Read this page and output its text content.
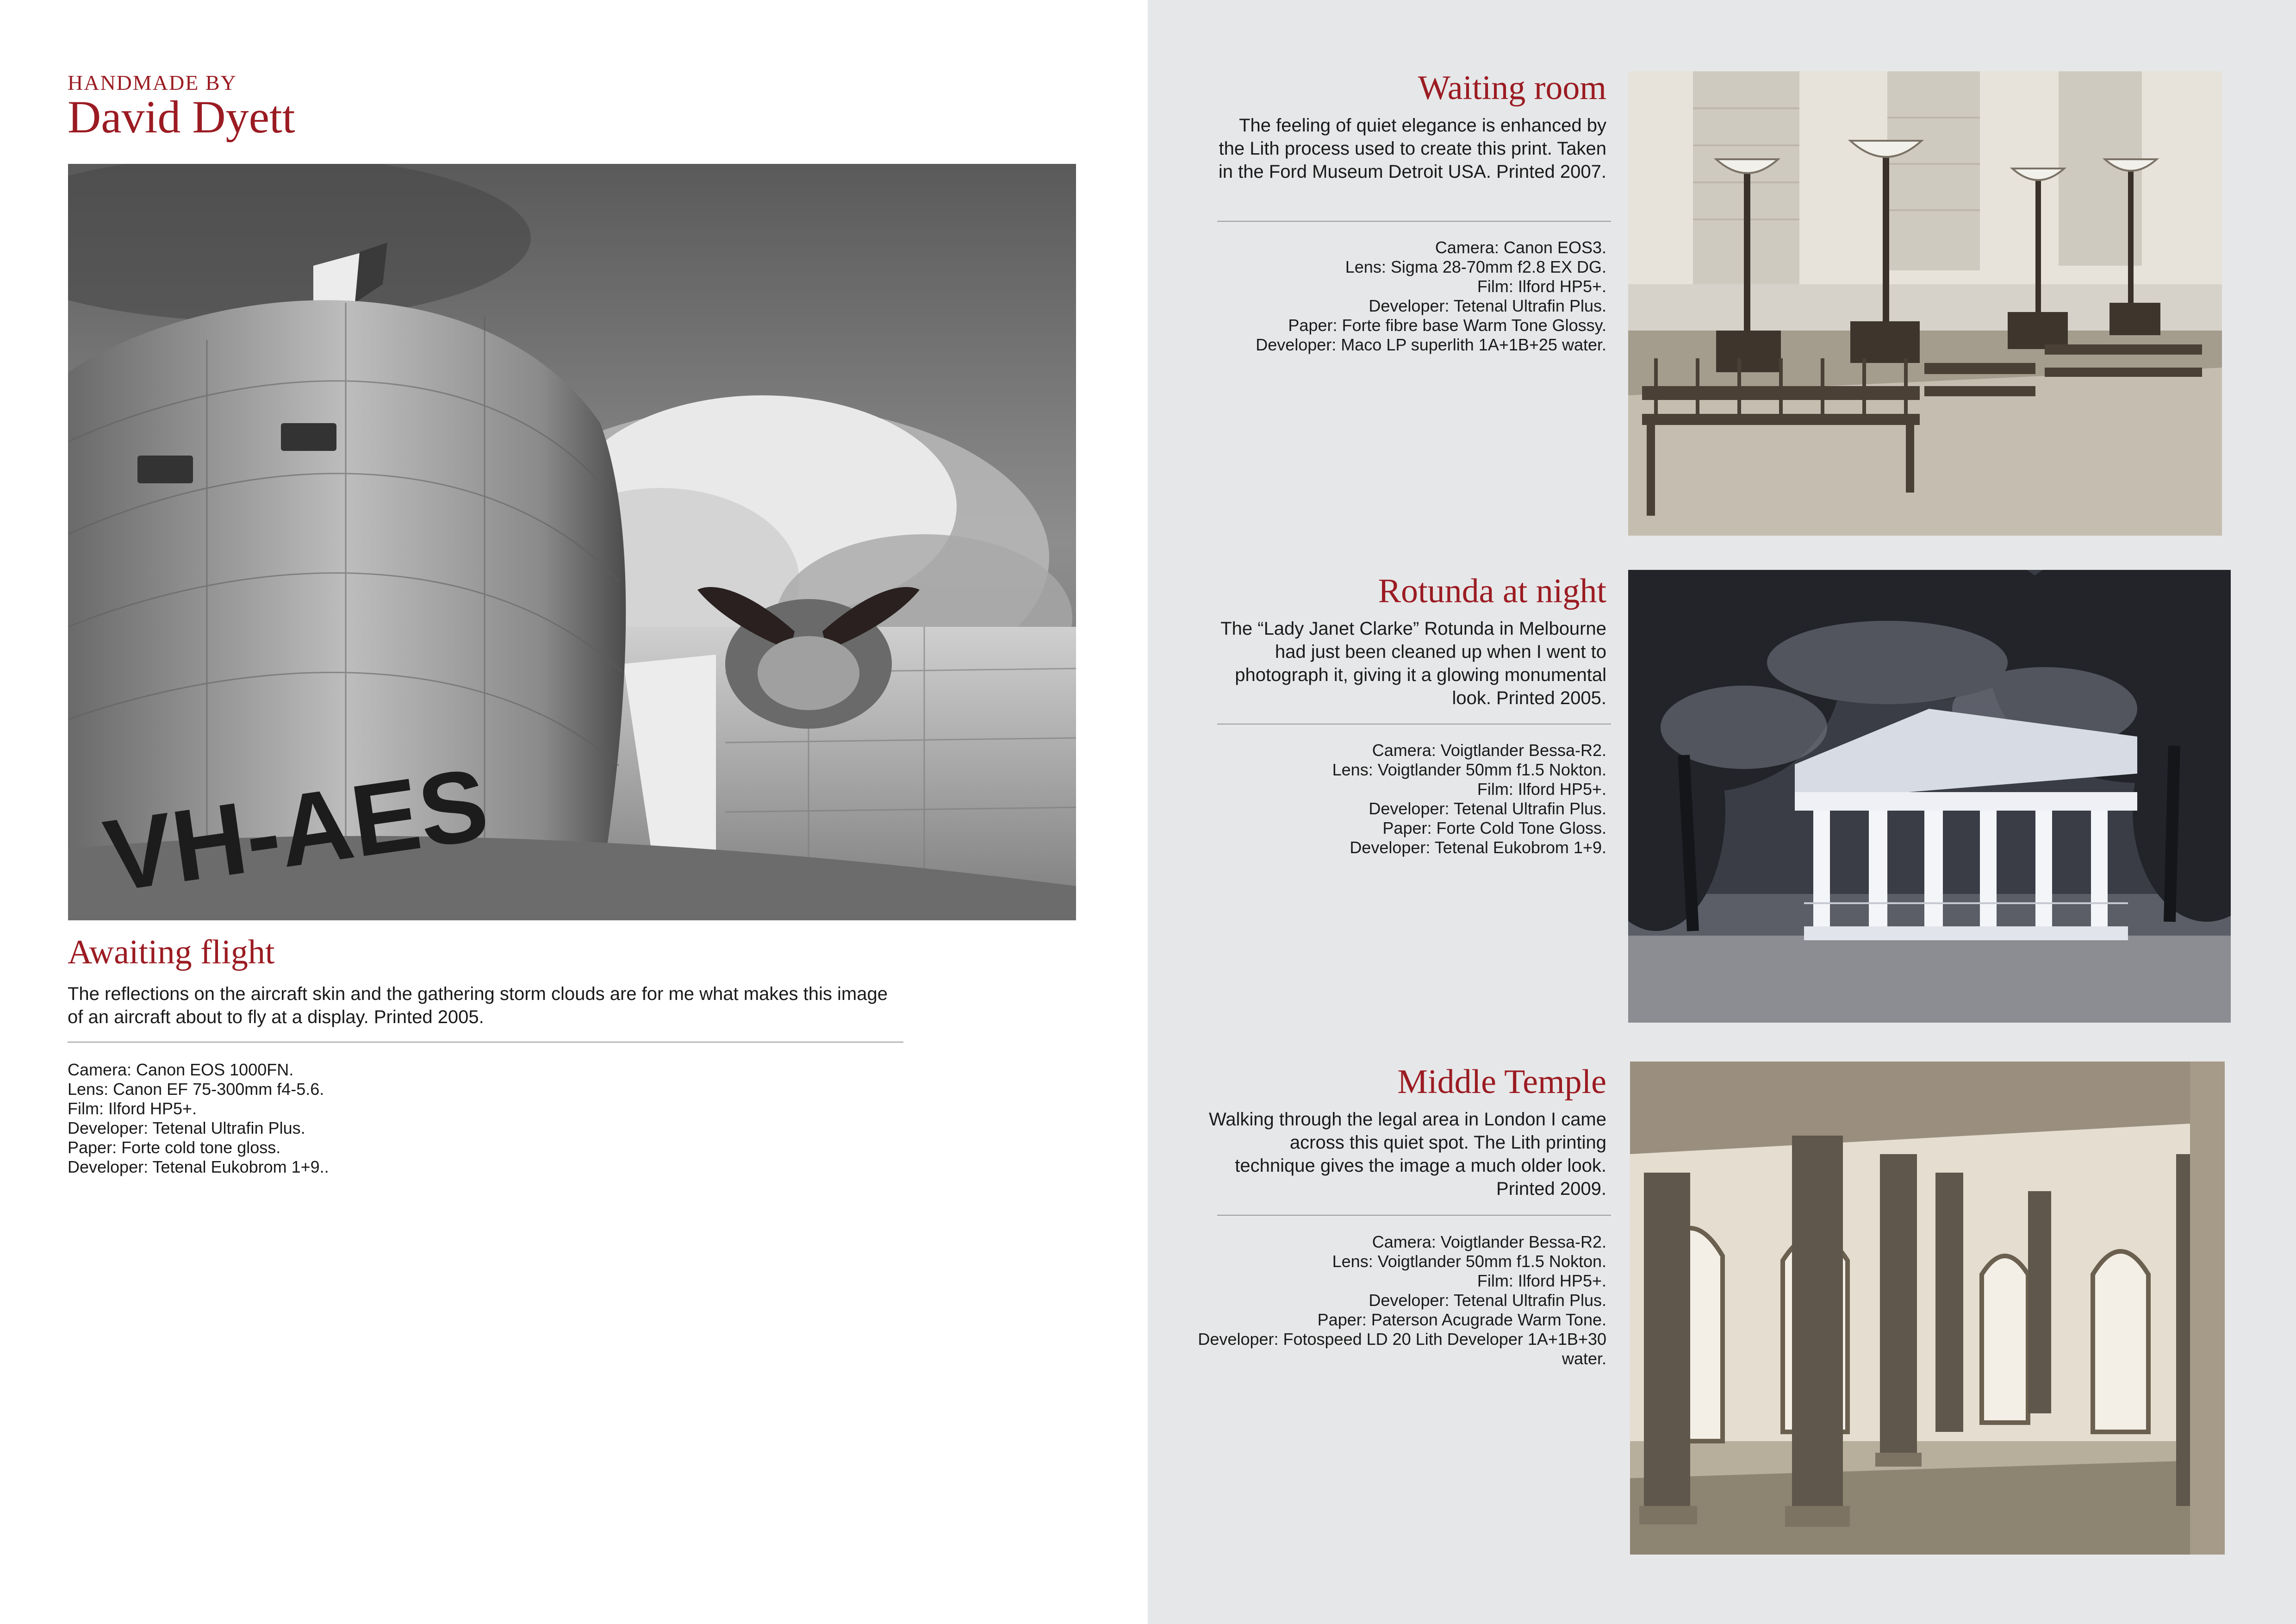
HANDMADE BY
David Dyett
VH-AES
Awaiting flight
The reflections on the aircraft skin and the gathering storm clouds are for me what makes this image of an aircraft about to fly at a display. Printed 2005.
Camera: Canon EOS 1000FN.
Lens: Canon EF 75-300mm f4-5.6.
Film: Ilford HP5+.
Developer: Tetenal Ultrafin Plus.
Paper: Forte cold tone gloss.
Developer: Tetenal Eukobrom 1+9..
Waiting room
The feeling of quiet elegance is enhanced by the Lith process used to create this print. Taken in the Ford Museum Detroit USA. Printed 2007.
Camera: Canon EOS3.
Lens: Sigma 28-70mm f2.8 EX DG.
Film: Ilford HP5+.
Developer: Tetenal Ultrafin Plus.
Paper: Forte fibre base Warm Tone Glossy.
Developer: Maco LP superlith 1A+1B+25 water.
Rotunda at night
The “Lady Janet Clarke” Rotunda in Melbourne had just been cleaned up when I went to photograph it, giving it a glowing monumental look. Printed 2005.
Camera: Voigtlander Bessa-R2.
Lens: Voigtlander 50mm f1.5 Nokton.
Film: Ilford HP5+.
Developer: Tetenal Ultrafin Plus.
Paper: Forte Cold Tone Gloss.
Developer: Tetenal Eukobrom 1+9.
Middle Temple
Walking through the legal area in London I came across this quiet spot. The Lith printing technique gives the image a much older look. Printed 2009.
Camera: Voigtlander Bessa-R2.
Lens: Voigtlander 50mm f1.5 Nokton.
Film: Ilford HP5+.
Developer: Tetenal Ultrafin Plus.
Paper: Paterson Acugrade Warm Tone.
Developer: Fotospeed LD 20 Lith Developer 1A+1B+30 water.
